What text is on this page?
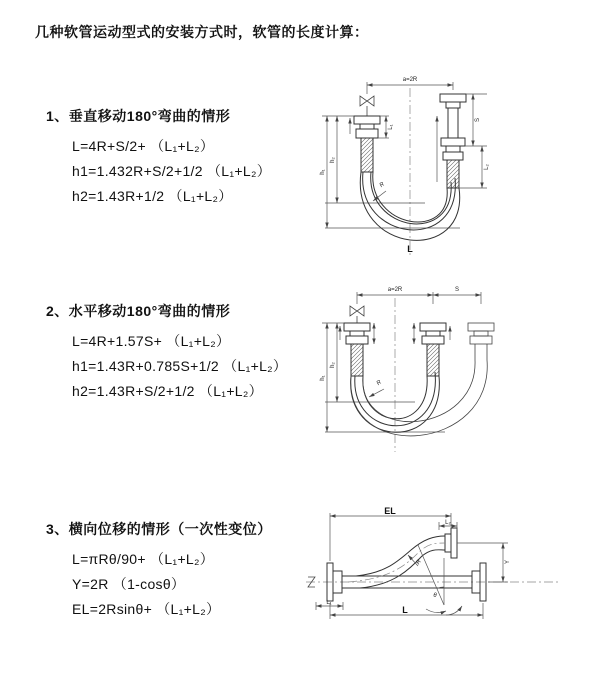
几种软管运动型式的安装方式时，软管的长度计算：
1、垂直移动180°弯曲的情形
L=4R+S/2+ （L₁+L₂）
h1=1.432R+S/2+1/2 （L₁+L₂）
h2=1.43R+1/2 （L₁+L₂）
2、水平移动180°弯曲的情形
L=4R+1.57S+ （L₁+L₂）
h1=1.43R+0.785S+1/2 （L₁+L₂）
h2=1.43R+S/2+1/2 （L₁+L₂）
3、横向位移的情形（一次性变位）
L=πRθ/90+ （L₁+L₂）
Y=2R （1-cosθ）
EL=2Rsinθ+ （L₁+L₂）
a=2R
L₁
S
L₂
h₂
h₁
R
L
a=2R	S
h₂
h₁
R
EL
L₂
Y
R
θ
L₁
L
